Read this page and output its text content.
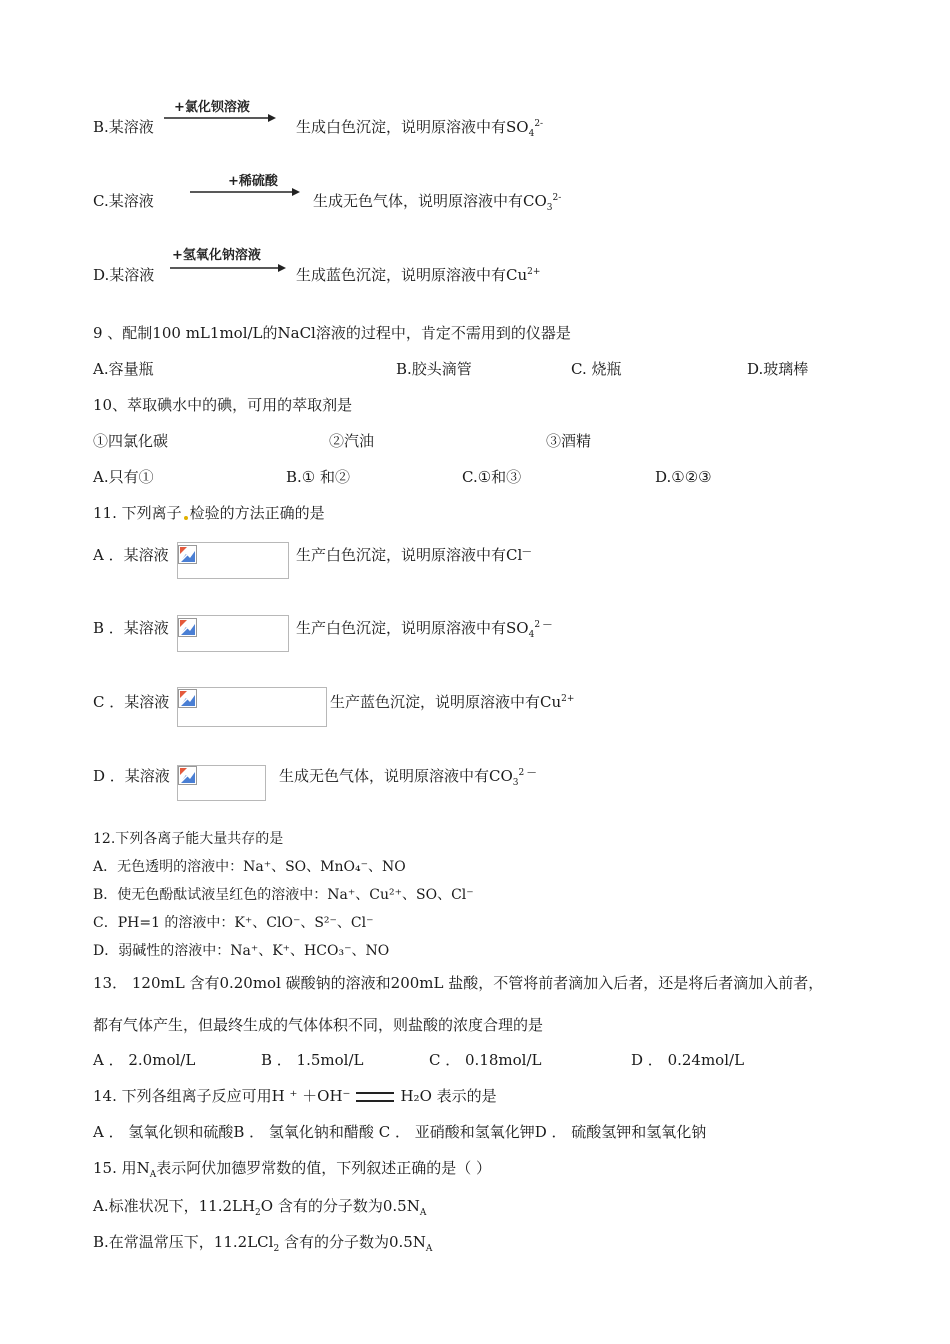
B.某溶液
+氯化钡溶液
生成白色沉淀，说明原溶液中有$SO_4^{2-}$
C.某溶液
+稀硫酸
生成无色气体，说明原溶液中有$CO_3^{2-}$
D.某溶液
+氢氧化钠溶液
生成蓝色沉淀，说明原溶液中有$Cu^{2+}$
9 、配制100 mL1mol/L的NaCl溶液的过程中，肯定不需用到的仪器是
A.容量瓶	B.胶头滴管	C. 烧瓶	D.玻璃棒
10、萃取碘水中的碘，可用的萃取剂是
①四氯化碳	②汽油	③酒精
A.只有①	B.① 和②	C.①和③	D.①②③
11. 下列离子 检验的方法正确的是
A ．某溶液	生产白色沉淀，说明原溶液中有Cl—
B ．某溶液	生产白色沉淀，说明原溶液中有$SO_4^{2 —}$
C ．某溶液	生产蓝色沉淀，说明原溶液中有$Cu^{2+}$
D ．某溶液	生成无色气体，说明原溶液中有$CO_3^{2 —}$
12.下列各离子能大量共存的是
A．无色透明的溶液中：Na⁺、SO、MnO₄⁻、NO
B．使无色酚酞试液呈红色的溶液中：Na⁺、Cu²⁺、SO、Cl⁻
C．PH=1 的溶液中：K⁺、ClO⁻、S²⁻、Cl⁻
D．弱碱性的溶液中：Na⁺、K⁺、HCO₃⁻、NO
13． 120mL 含有0.20mol 碳酸钠的溶液和200mL 盐酸，不管将前者滴加入后者，还是将后者滴加入前者，
都有气体产生，但最终生成的气体体积不同，则盐酸的浓度合理的是
A ． 2.0mol/L	B ． 1.5mol/L	C ． 0.18mol/L	D ． 0.24mol/L
14. 下列各组离子反应可用H ⁺ ＋OH⁻	H₂O 表示的是
A ． 氢氧化钡和硫酸B ． 氢氧化钠和醋酸 C ． 亚硝酸和氢氧化钾D ． 硫酸氢钾和氢氧化钠
15. 用$N_A$表示阿伏加德罗常数的值，下列叙述正确的是（ ）
A.标准状况下，$11.2LH_2O$ 含有的分子数为$0.5N_A$
B.在常温常压下，11.2LCl$_2$ 含有的分子数为$0.5N_A$
